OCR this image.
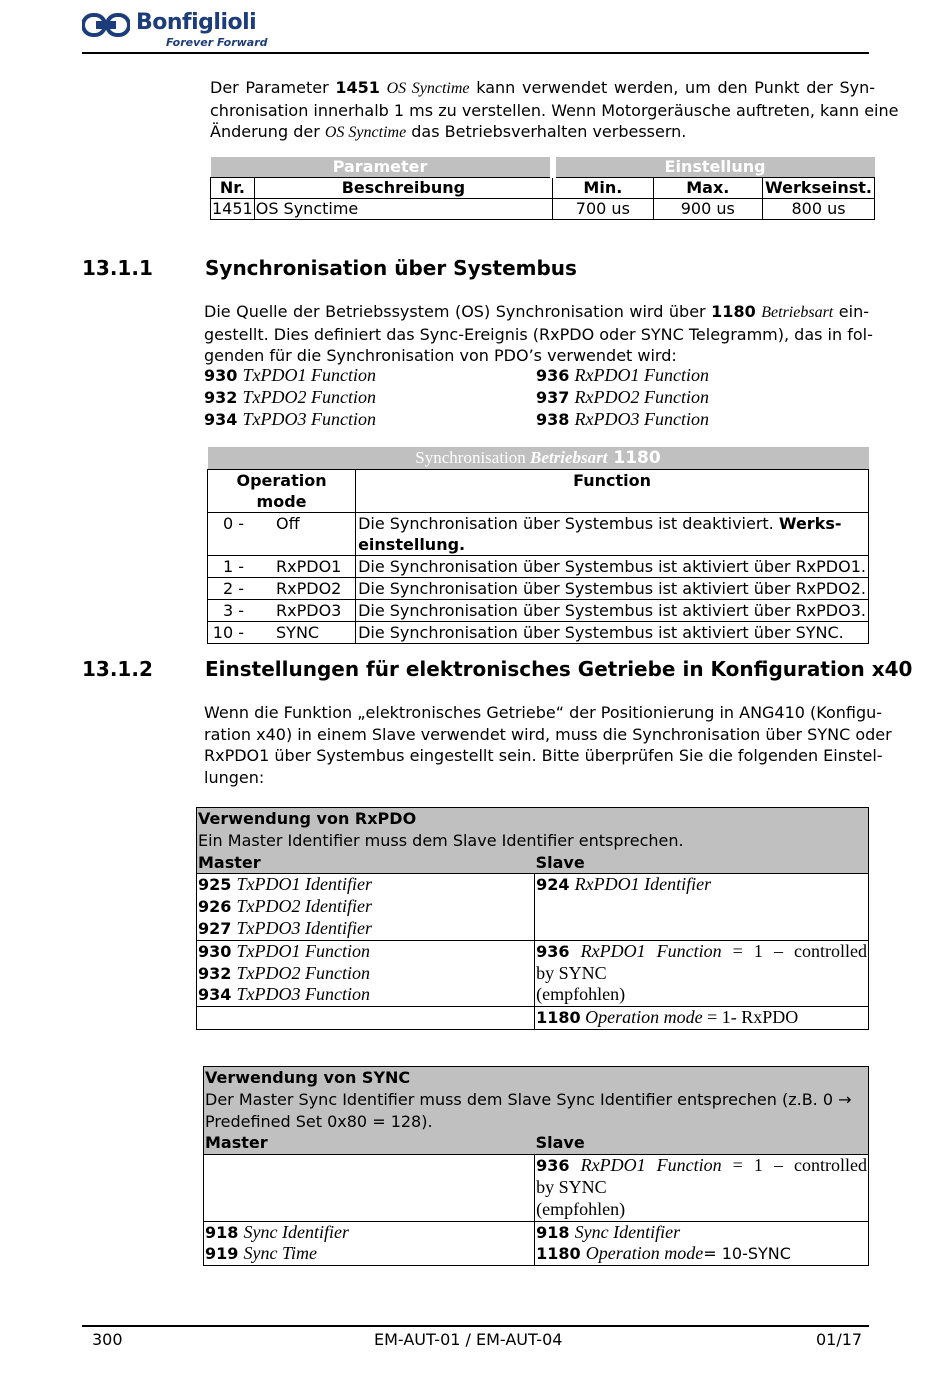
Bonfiglioli
Forever Forward
Der Parameter 1451 OS Synctime kann verwendet werden, um den Punkt der Syn-
chronisation innerhalb 1 ms zu verstellen. Wenn Motorgeräusche auftreten, kann eine
Änderung der OS Synctime das Betriebsverhalten verbessern.
Parameter		Einstellung		
Nr.	Beschreibung	Min.	Max.	Werkseinst.
1451	OS Synctime	700 us	900 us	800 us
13.1.1	Synchronisation über Systembus
Die Quelle der Betriebssystem (OS) Synchronisation wird über 1180 Betriebsart ein-
gestellt. Dies definiert das Sync-Ereignis (RxPDO oder SYNC Telegramm), das in fol-
genden für die Synchronisation von PDO’s verwendet wird:
930 TxPDO1 Function	936 RxPDO1 Function
932 TxPDO2 Function	937 RxPDO2 Function
934 TxPDO3 Function	938 RxPDO3 Function
Synchronisation Betriebsart 1180		
Operation mode		Function
0 -	Off	Die Synchronisation über Systembus ist deaktiviert. Werks-
einstellung.
1 -	RxPDO1	Die Synchronisation über Systembus ist aktiviert über RxPDO1.
2 -	RxPDO2	Die Synchronisation über Systembus ist aktiviert über RxPDO2.
3 -	RxPDO3	Die Synchronisation über Systembus ist aktiviert über RxPDO3.
10 -	SYNC	Die Synchronisation über Systembus ist aktiviert über SYNC.
13.1.2	Einstellungen für elektronisches Getriebe in Konfiguration x40
Wenn die Funktion „elektronisches Getriebe“ der Positionierung in ANG410 (Konfigu-
ration x40) in einem Slave verwendet wird, muss die Synchronisation über SYNC oder
RxPDO1 über Systembus eingestellt sein. Bitte überprüfen Sie die folgenden Einstel-
lungen:
Verwendung von RxPDO
Ein Master Identifier muss dem Slave Identifier entsprechen.	
Master	Slave
925 TxPDO1 Identifier
926 TxPDO2 Identifier
927 TxPDO3 Identifier	924 RxPDO1 Identifier
930 TxPDO1 Function
932 TxPDO2 Function
934 TxPDO3 Function	936 RxPDO1 Function = 1 – controlled
by SYNC
(empfohlen)
	1180 Operation mode = 1- RxPDO
Verwendung von SYNC
Der Master Sync Identifier muss dem Slave Sync Identifier entsprechen (z.B. 0 →
Predefined Set 0x80 = 128).	
Master	Slave

	936 RxPDO1 Function = 1 – controlled
by SYNC
(empfohlen)
918 Sync Identifier
919 Sync Time	918 Sync Identifier
1180 Operation mode= 10-SYNC
300	EM-AUT-01 / EM-AUT-04	01/17
